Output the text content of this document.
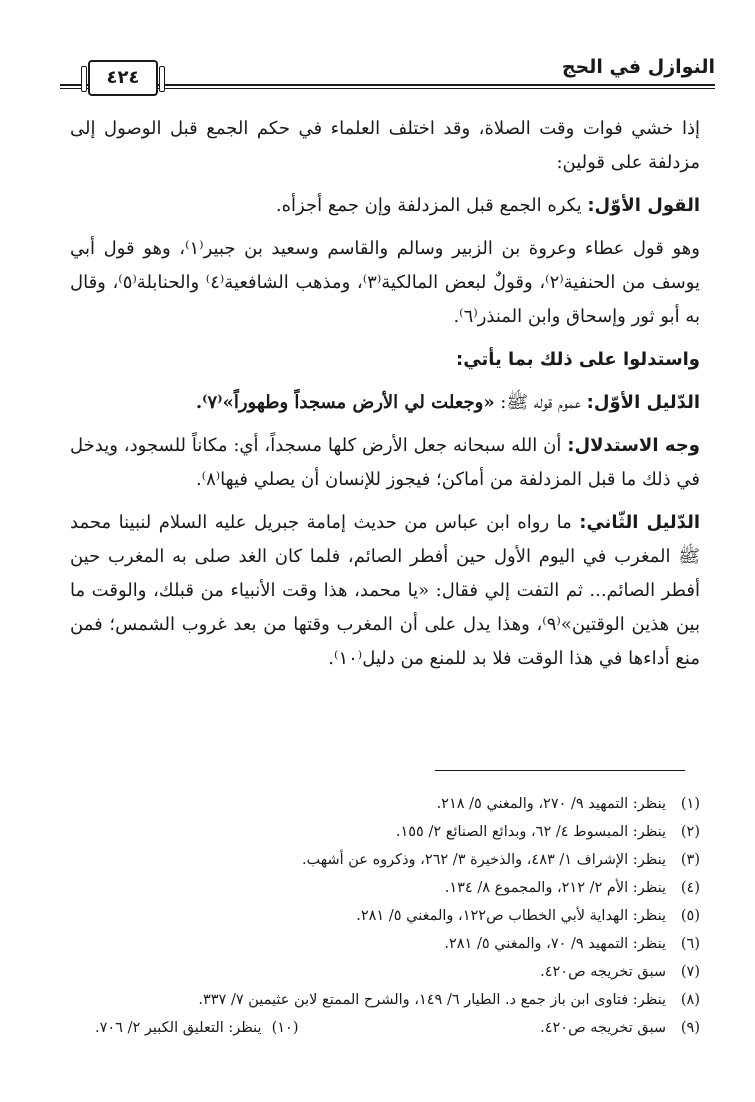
٤٢٤	النوازل في الحج

إذا خشي فوات وقت الصلاة، وقد اختلف العلماء في حكم الجمع قبل الوصول إلى مزدلفة على قولين:

القول الأوّل: يكره الجمع قبل المزدلفة وإن جمع أجزأه.

وهو قول عطاء وعروة بن الزبير وسالم والقاسم وسعيد بن جبير⁽١⁾، وهو قول أبي يوسف من الحنفية⁽٢⁾، وقولٌ لبعض المالكية⁽٣⁾، ومذهب الشافعية⁽٤⁾ والحنابلة⁽٥⁾، وقال به أبو ثور وإسحاق وابن المنذر⁽٦⁾.

واستدلوا على ذلك بما يأتي:

الدّليل الأوّل: عموم قوله ﷺ: «وجعلت لي الأرض مسجداً وطهوراً»⁽٧⁾.

وجه الاستدلال: أن الله سبحانه جعل الأرض كلها مسجداً، أي: مكاناً للسجود، ويدخل في ذلك ما قبل المزدلفة من أماكن؛ فيجوز للإنسان أن يصلي فيها⁽٨⁾.

الدّليل الثّاني: ما رواه ابن عباس من حديث إمامة جبريل عليه السلام لنبينا محمد ﷺ المغرب في اليوم الأول حين أفطر الصائم، فلما كان الغد صلى به المغرب حين أفطر الصائم... ثم التفت إلي فقال: «يا محمد، هذا وقت الأنبياء من قبلك، والوقت ما بين هذين الوقتين»⁽٩⁾، وهذا يدل على أن المغرب وقتها من بعد غروب الشمس؛ فمن منع أداءها في هذا الوقت فلا بد للمنع من دليل⁽١٠⁾.

(١)
ينظر: التمهيد ٩/ ٢٧٠، والمغني ٥/ ٢١٨.
(٢)
ينظر: المبسوط ٤/ ٦٢، وبدائع الصنائع ٢/ ١٥٥.
(٣)
ينظر: الإشراف ١/ ٤٨٣، والذخيرة ٣/ ٢٦٢، وذكروه عن أشهب.
(٤)
ينظر: الأم ٢/ ٢١٢، والمجموع ٨/ ١٣٤.
(٥)
ينظر: الهداية لأبي الخطاب ص١٢٢، والمغني ٥/ ٢٨١.
(٦)
ينظر: التمهيد ٩/ ٧٠، والمغني ٥/ ٢٨١.
(٧)
سبق تخريجه ص٤٢٠.
(٨)
ينظر: فتاوى ابن باز جمع د. الطيار ٦/ ١٤٩، والشرح الممتع لابن عثيمين ٧/ ٣٣٧.
(٩)
سبق تخريجه ص٤٢٠.
(١٠)
ينظر: التعليق الكبير ٢/ ٧٠٦.
